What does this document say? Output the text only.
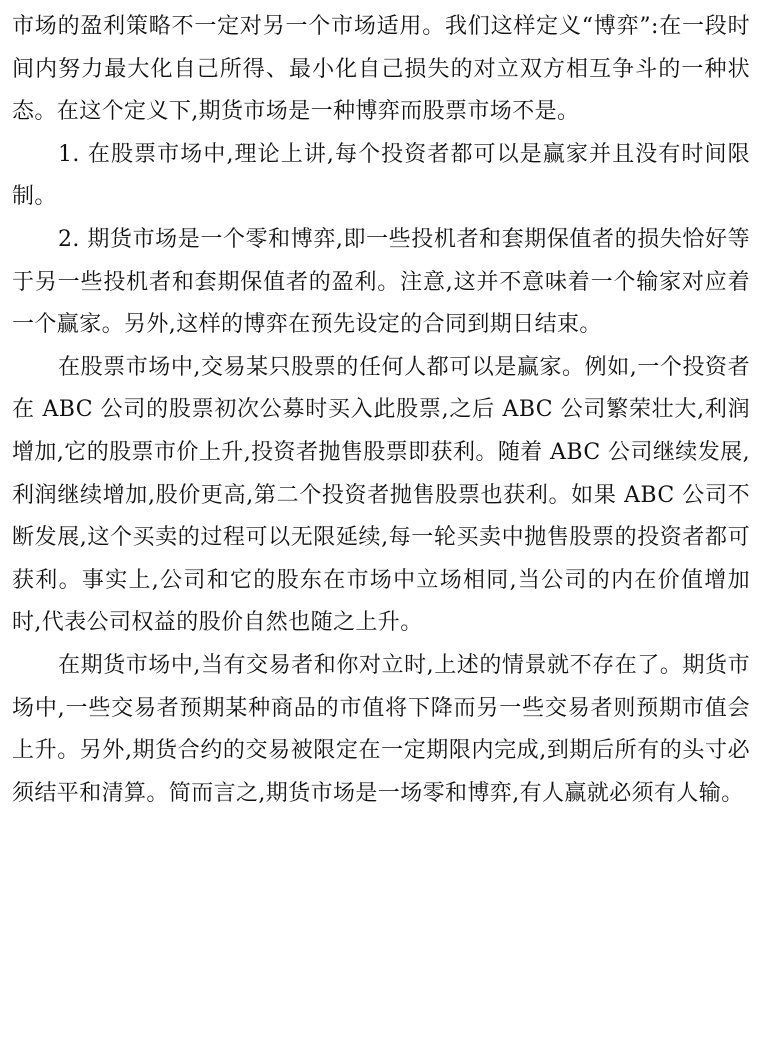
市场的盈利策略不一定对另一个市场适用。我们这样定义“博弈”:在一段时间内努力最大化自己所得、最小化自己损失的对立双方相互争斗的一种状态。在这个定义下,期货市场是一种博弈而股票市场不是。

1. 在股票市场中,理论上讲,每个投资者都可以是赢家并且没有时间限制。

2. 期货市场是一个零和博弈,即一些投机者和套期保值者的损失恰好等于另一些投机者和套期保值者的盈利。注意,这并不意味着一个输家对应着一个赢家。另外,这样的博弈在预先设定的合同到期日结束。

在股票市场中,交易某只股票的任何人都可以是赢家。例如,一个投资者在 ABC 公司的股票初次公募时买入此股票,之后 ABC 公司繁荣壮大,利润增加,它的股票市价上升,投资者抛售股票即获利。随着 ABC 公司继续发展,利润继续增加,股价更高,第二个投资者抛售股票也获利。如果 ABC 公司不断发展,这个买卖的过程可以无限延续,每一轮买卖中抛售股票的投资者都可获利。事实上,公司和它的股东在市场中立场相同,当公司的内在价值增加时,代表公司权益的股价自然也随之上升。

在期货市场中,当有交易者和你对立时,上述的情景就不存在了。期货市场中,一些交易者预期某种商品的市值将下降而另一些交易者则预期市值会上升。另外,期货合约的交易被限定在一定期限内完成,到期后所有的头寸必须结平和清算。简而言之,期货市场是一场零和博弈,有人赢就必须有人输。
